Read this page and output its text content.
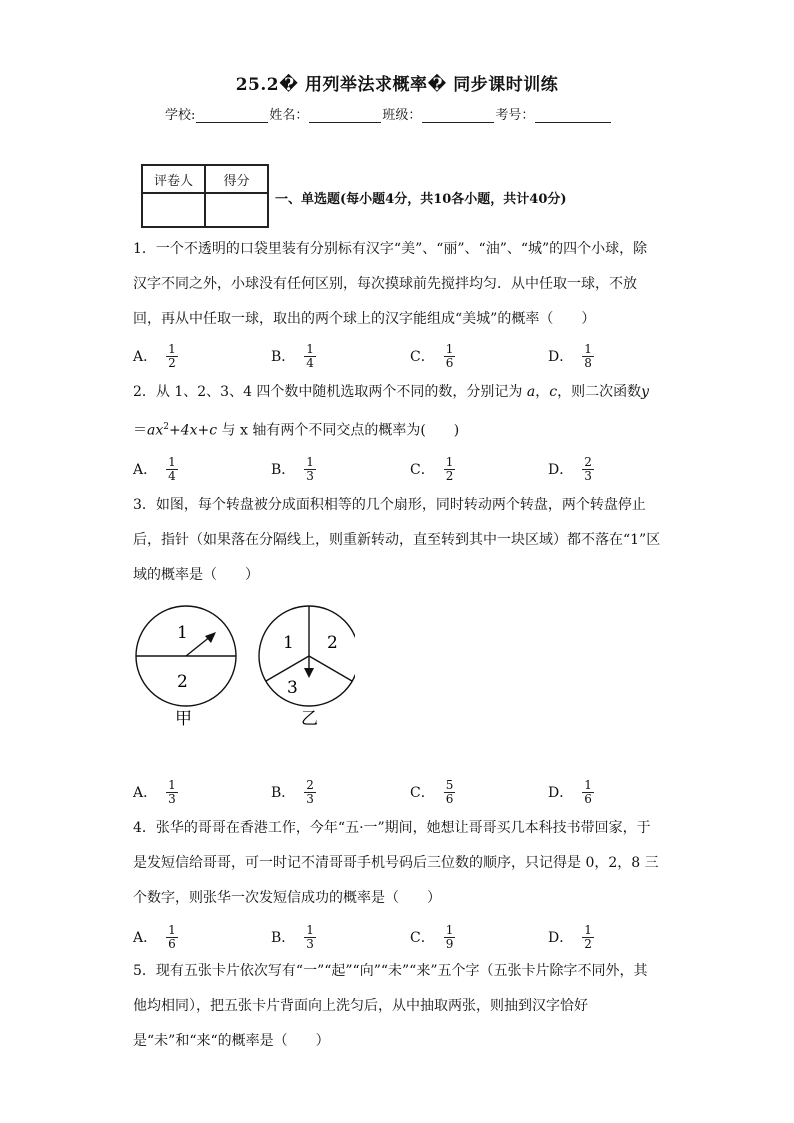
25.2� 用列举法求概率� 同步课时训练
学校:	姓名：	班级：	考号：
评卷人	得分

一、单选题(每小题4分，共10各小题，共计40分)
1．一个不透明的口袋里装有分别标有汉字“美”、“丽”、“油”、“城”的四个小球，除汉字不同之外，小球没有任何区别，每次摸球前先搅拌均匀．从中任取一球，不放回，再从中任取一球，取出的两个球上的汉字能组成“美城”的概率（　　）
A． $\frac{1}{2}$	B． $\frac{1}{4}$	C． $\frac{1}{6}$	D． $\frac{1}{8}$
2．从 1、2、3、4 四个数中随机选取两个不同的数，分别记为 a，c，则二次函数$y=ax^2+4x+c$ 与 x 轴有两个不同交点的概率为(　　)
A． $\frac{1}{4}$	B． $\frac{1}{3}$	C． $\frac{1}{2}$	D． $\frac{2}{3}$
3．如图，每个转盘被分成面积相等的几个扇形，同时转动两个转盘，两个转盘停止后，指针（如果落在分隔线上，则重新转动，直至转到其中一块区域）都不落在“1”区域的概率是（　　）
1
2
甲
1 2
3
乙
A． $\frac{1}{3}$	B． $\frac{2}{3}$	C． $\frac{5}{6}$	D． $\frac{1}{6}$
4．张华的哥哥在香港工作，今年“五·一”期间，她想让哥哥买几本科技书带回家，于是发短信给哥哥，可一时记不清哥哥手机号码后三位数的顺序，只记得是 0，2，8 三个数字，则张华一次发短信成功的概率是（　　）
A． $\frac{1}{6}$	B． $\frac{1}{3}$	C． $\frac{1}{9}$	D． $\frac{1}{2}$
5．现有五张卡片依次写有“一”“起”“向”“未”“来”五个字（五张卡片除字不同外，其他均相同），把五张卡片背面向上洗匀后，从中抽取两张，则抽到汉字恰好是“未”和“来“的概率是（　　）
